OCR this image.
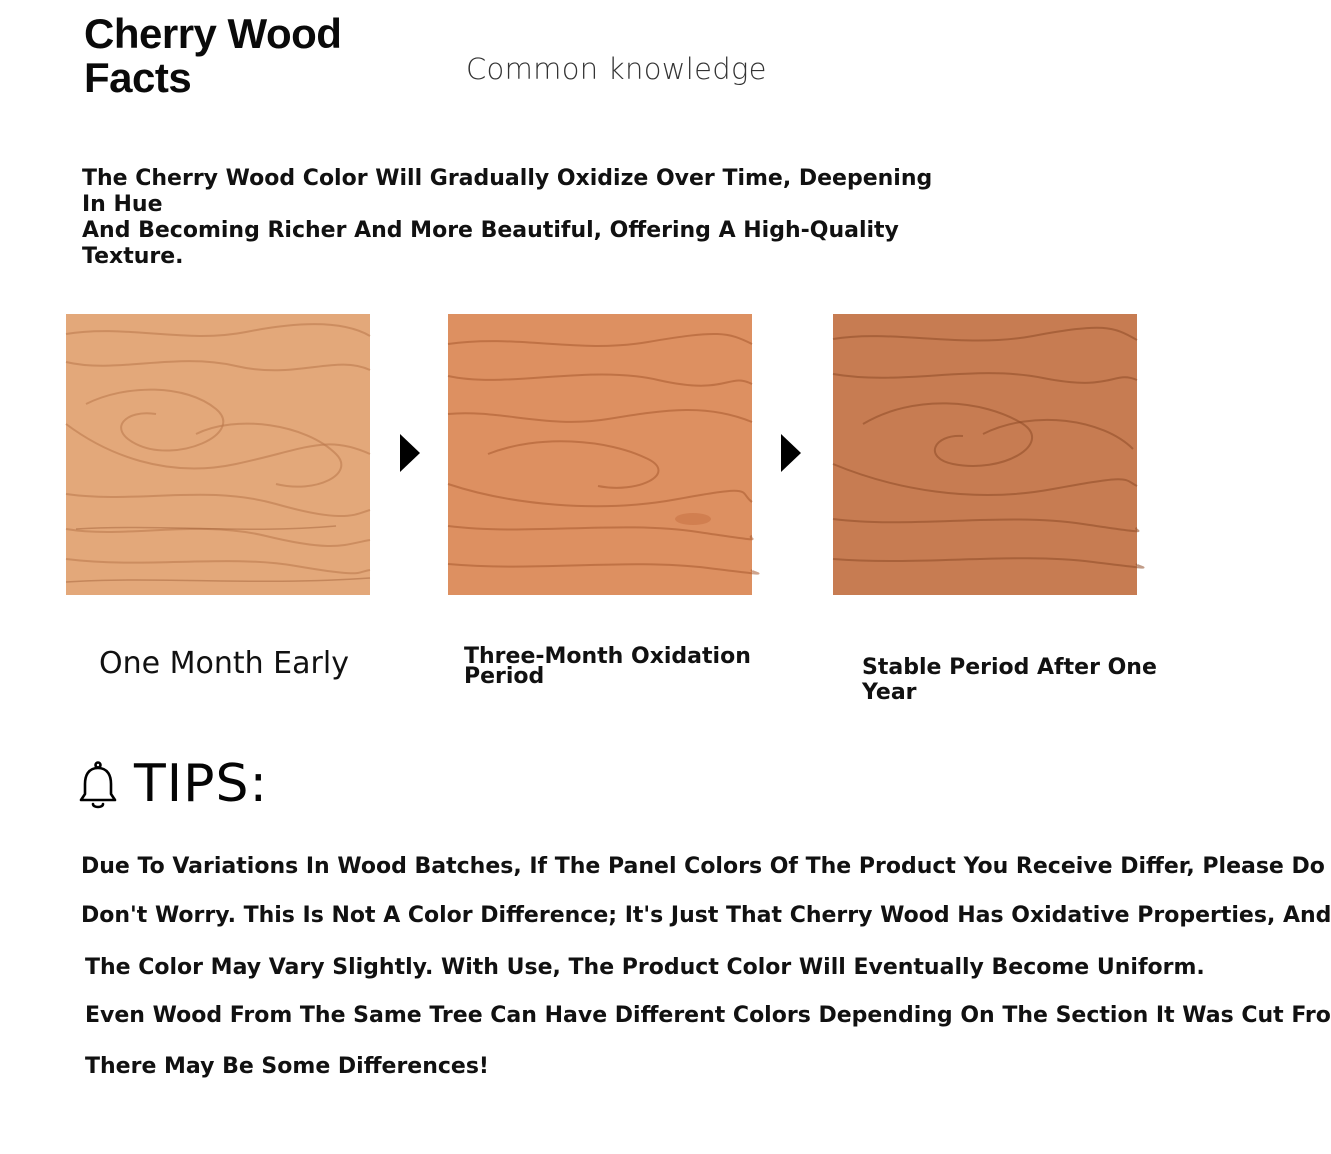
Cherry Wood
Facts	Common knowledge

The Cherry Wood Color Will Gradually Oxidize Over Time, Deepening In Hue
And Becoming Richer And More Beautiful, Offering A High-Quality Texture.

One Month Early	Three-Month Oxidation
Period	Stable Period After One Year
TIPS:
Due To Variations In Wood Batches, If The Panel Colors Of The Product You Receive Differ, Please Do
Don't Worry. This Is Not A Color Difference; It's Just That Cherry Wood Has Oxidative Properties, And
The Color May Vary Slightly. With Use, The Product Color Will Eventually Become Uniform.
Even Wood From The Same Tree Can Have Different Colors Depending On The Section It Was Cut Fro
There May Be Some Differences!
